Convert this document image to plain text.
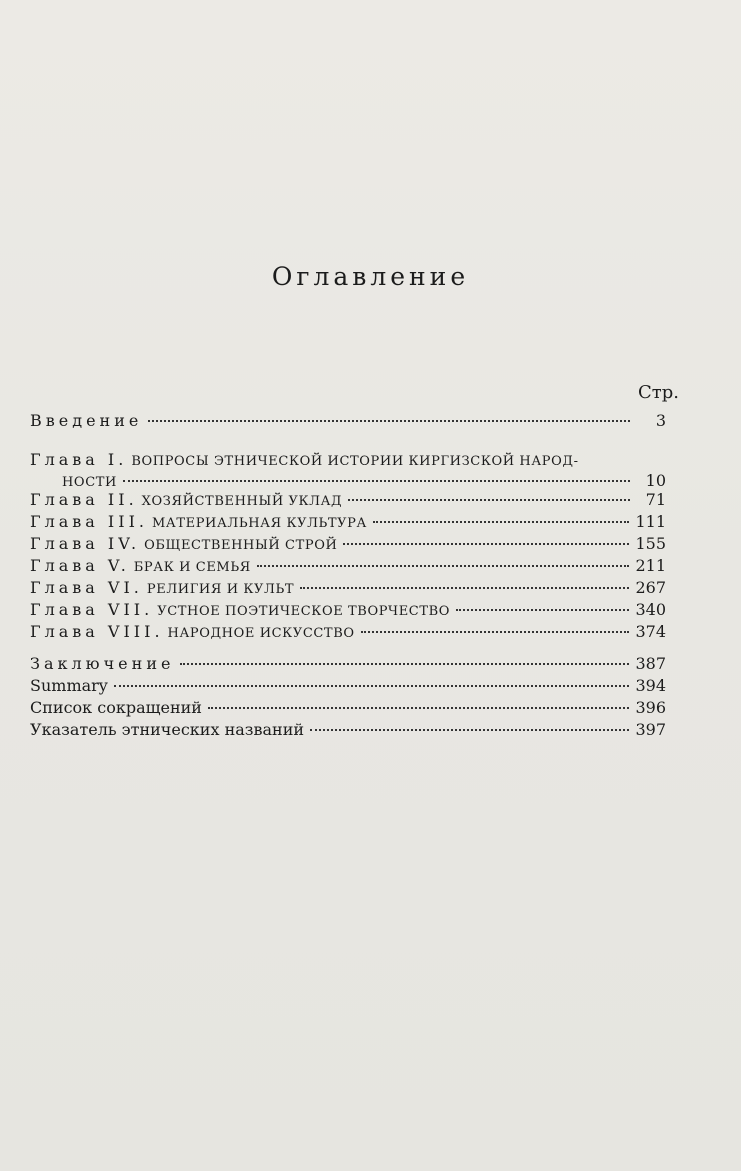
Оглавление
Стр.
Введение	3
Глава I. ВОПРОСЫ ЭТНИЧЕСКОЙ ИСТОРИИ КИРГИЗСКОЙ НАРОД-
НОСТИ	10
Глава II. ХОЗЯЙСТВЕННЫЙ УКЛАД	71
Глава III. МАТЕРИАЛЬНАЯ КУЛЬТУРА	111
Глава IV. ОБЩЕСТВЕННЫЙ СТРОЙ	155
Глава V. БРАК И СЕМЬЯ	211
Глава VI. РЕЛИГИЯ И КУЛЬТ	267
Глава VII. УСТНОЕ ПОЭТИЧЕСКОЕ ТВОРЧЕСТВО	340
Глава VIII. НАРОДНОЕ ИСКУССТВО	374
Заключение	387
Summary	394
Список сокращений	396
Указатель этнических названий	397
